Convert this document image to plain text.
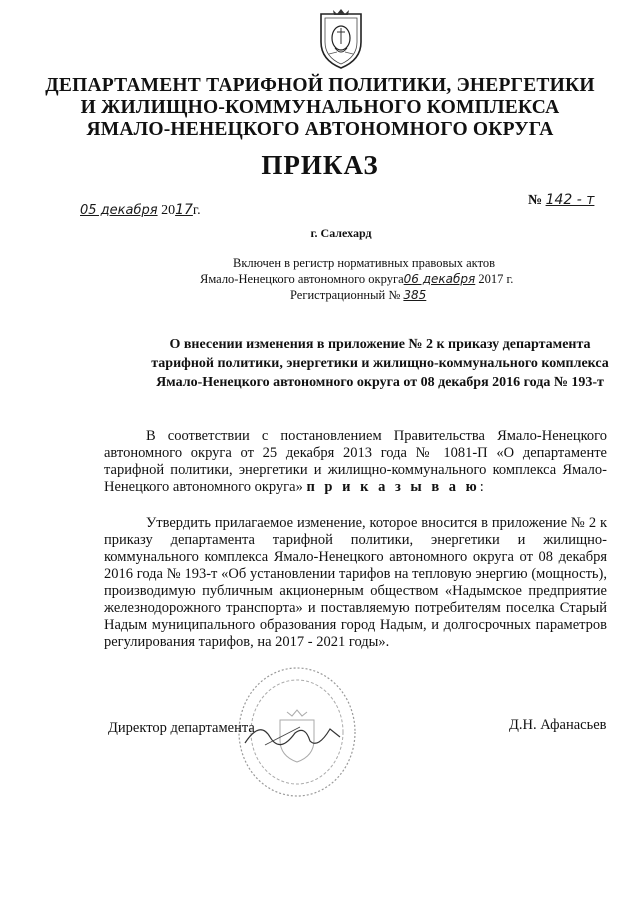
ДЕПАРТАМЕНТ ТАРИФНОЙ ПОЛИТИКИ, ЭНЕРГЕТИКИ
И ЖИЛИЩНО-КОММУНАЛЬНОГО КОМПЛЕКСА
ЯМАЛО-НЕНЕЦКОГО АВТОНОМНОГО ОКРУГА
ПРИКАЗ
05 декабря 2017г.
№ 142 - т
г. Салехард
Включен в регистр нормативных правовых актов
Ямало-Ненецкого автономного округа06 декабря 2017 г.
Регистрационный № 385
О внесении изменения в приложение № 2 к приказу департамента
тарифной политики, энергетики и жилищно-коммунального комплекса
Ямало-Ненецкого автономного округа от 08 декабря 2016 года № 193-т

В соответствии с постановлением Правительства Ямало-Ненецкого автономного округа от 25 декабря 2013 года № 1081-П «О департаменте тарифной политики, энергетики и жилищно-коммунального комплекса Ямало-Ненецкого автономного округа» п р и к а з ы в а ю:

Утвердить прилагаемое изменение, которое вносится в приложение № 2 к приказу департамента тарифной политики, энергетики и жилищно-коммунального комплекса Ямало-Ненецкого автономного округа от 08 декабря 2016 года № 193-т «Об установлении тарифов на тепловую энергию (мощность), производимую публичным акционерным обществом «Надымское предприятие железнодорожного транспорта» и поставляемую потребителям поселка Старый Надым муниципального образования город Надым, и долгосрочных параметров регулирования тарифов, на 2017 - 2021 годы».

Директор департамента	Д.Н. Афанасьев
